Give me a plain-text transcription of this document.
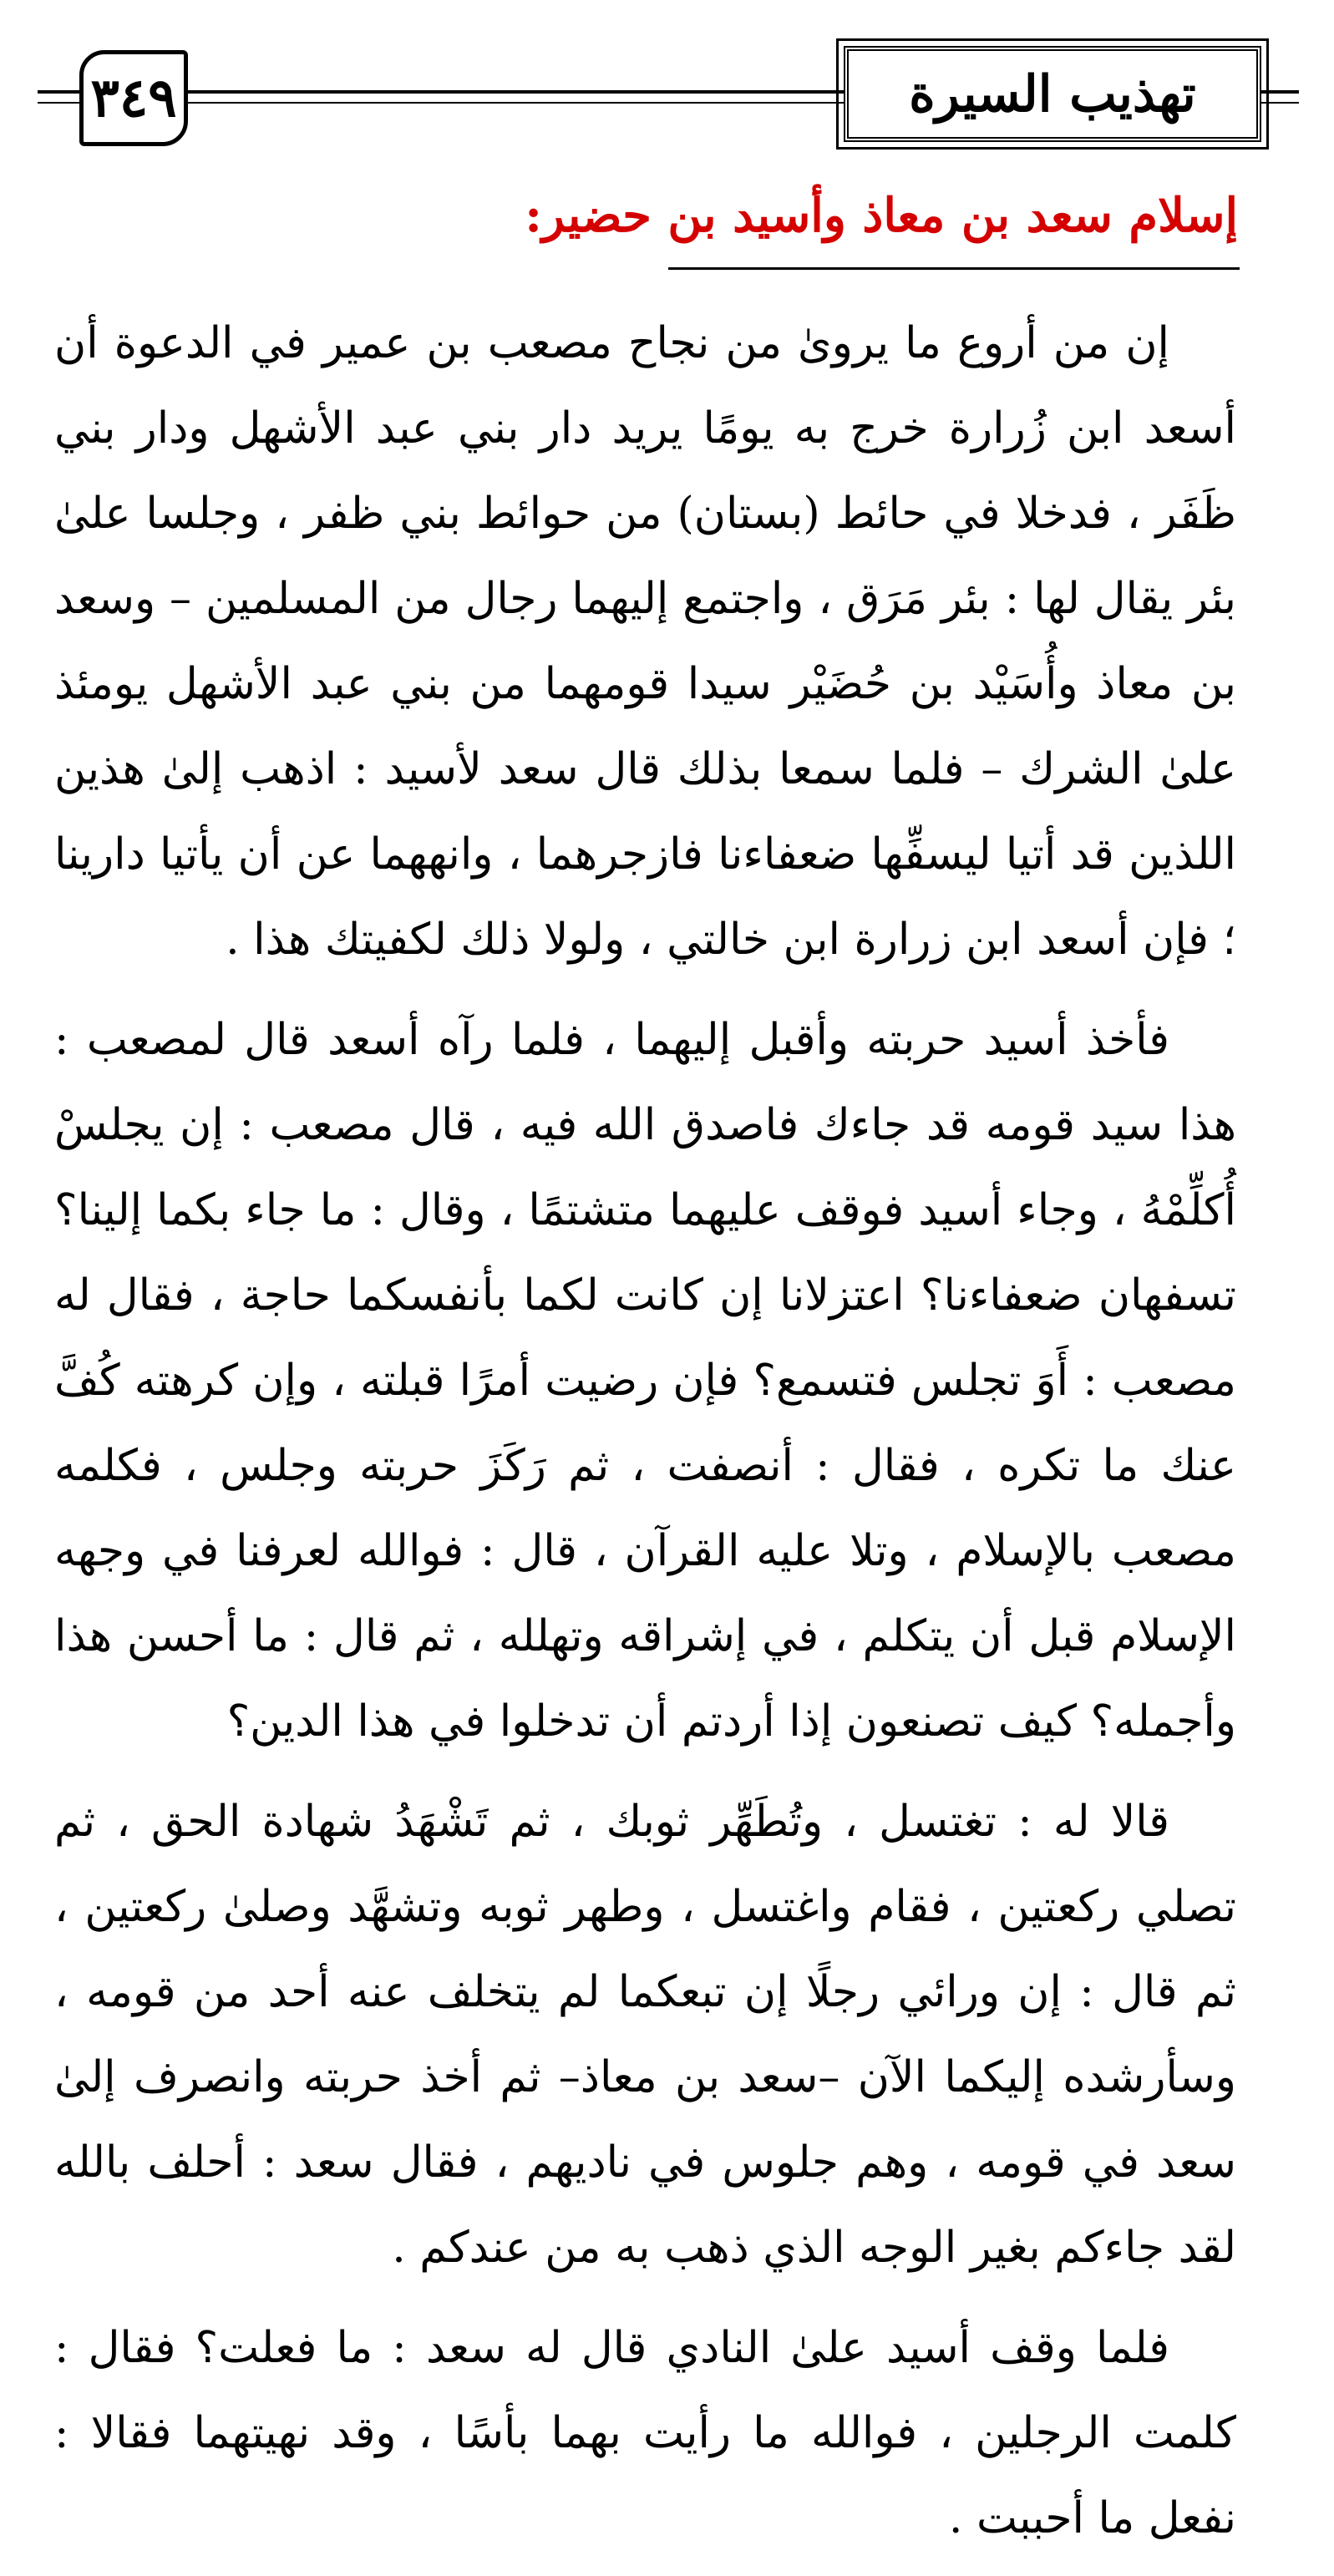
٣٤٩	تهذيب السيرة
إسلام سعد بن معاذ وأسيد بن حضير:

إن من أروع ما يروىٰ من نجاح مصعب بن عمير في الدعوة أن أسعد ابن زُرارة خرج به يومًا يريد دار بني عبد الأشهل ودار بني ظَفَر ، فدخلا في حائط (بستان) من حوائط بني ظفر ، وجلسا علىٰ بئر يقال لها : بئر مَرَق ، واجتمع إليهما رجال من المسلمين – وسعد بن معاذ وأُسَيْد بن حُضَيْر سيدا قومهما من بني عبد الأشهل يومئذ علىٰ الشرك – فلما سمعا بذلك قال سعد لأسيد : اذهب إلىٰ هذين اللذين قد أتيا ليسفِّها ضعفاءنا فازجرهما ، وانههما عن أن يأتيا دارينا ؛ فإن أسعد ابن زرارة ابن خالتي ، ولولا ذلك لكفيتك هذا .

فأخذ أسيد حربته وأقبل إليهما ، فلما رآه أسعد قال لمصعب : هذا سيد قومه قد جاءك فاصدق الله فيه ، قال مصعب : إن يجلسْ أُكلِّمْهُ ، وجاء أسيد فوقف عليهما متشتمًا ، وقال : ما جاء بكما إلينا؟ تسفهان ضعفاءنا؟ اعتزلانا إن كانت لكما بأنفسكما حاجة ، فقال له مصعب : أَوَ تجلس فتسمع؟ فإن رضيت أمرًا قبلته ، وإن كرهته كُفَّ عنك ما تكره ، فقال : أنصفت ، ثم رَكَزَ حربته وجلس ، فكلمه مصعب بالإسلام ، وتلا عليه القرآن ، قال : فوالله لعرفنا في وجهه الإسلام قبل أن يتكلم ، في إشراقه وتهلله ، ثم قال : ما أحسن هذا وأجمله؟ كيف تصنعون إذا أردتم أن تدخلوا في هذا الدين؟

قالا له : تغتسل ، وتُطَهِّر ثوبك ، ثم تَشْهَدُ شهادة الحق ، ثم تصلي ركعتين ، فقام واغتسل ، وطهر ثوبه وتشهَّد وصلىٰ ركعتين ، ثم قال : إن ورائي رجلًا إن تبعكما لم يتخلف عنه أحد من قومه ، وسأرشده إليكما الآن –سعد بن معاذ– ثم أخذ حربته وانصرف إلىٰ سعد في قومه ، وهم جلوس في ناديهم ، فقال سعد : أحلف بالله لقد جاءكم بغير الوجه الذي ذهب به من عندكم .

فلما وقف أسيد علىٰ النادي قال له سعد : ما فعلت؟ فقال : كلمت الرجلين ، فوالله ما رأيت بهما بأسًا ، وقد نهيتهما فقالا : نفعل ما أحببت .
